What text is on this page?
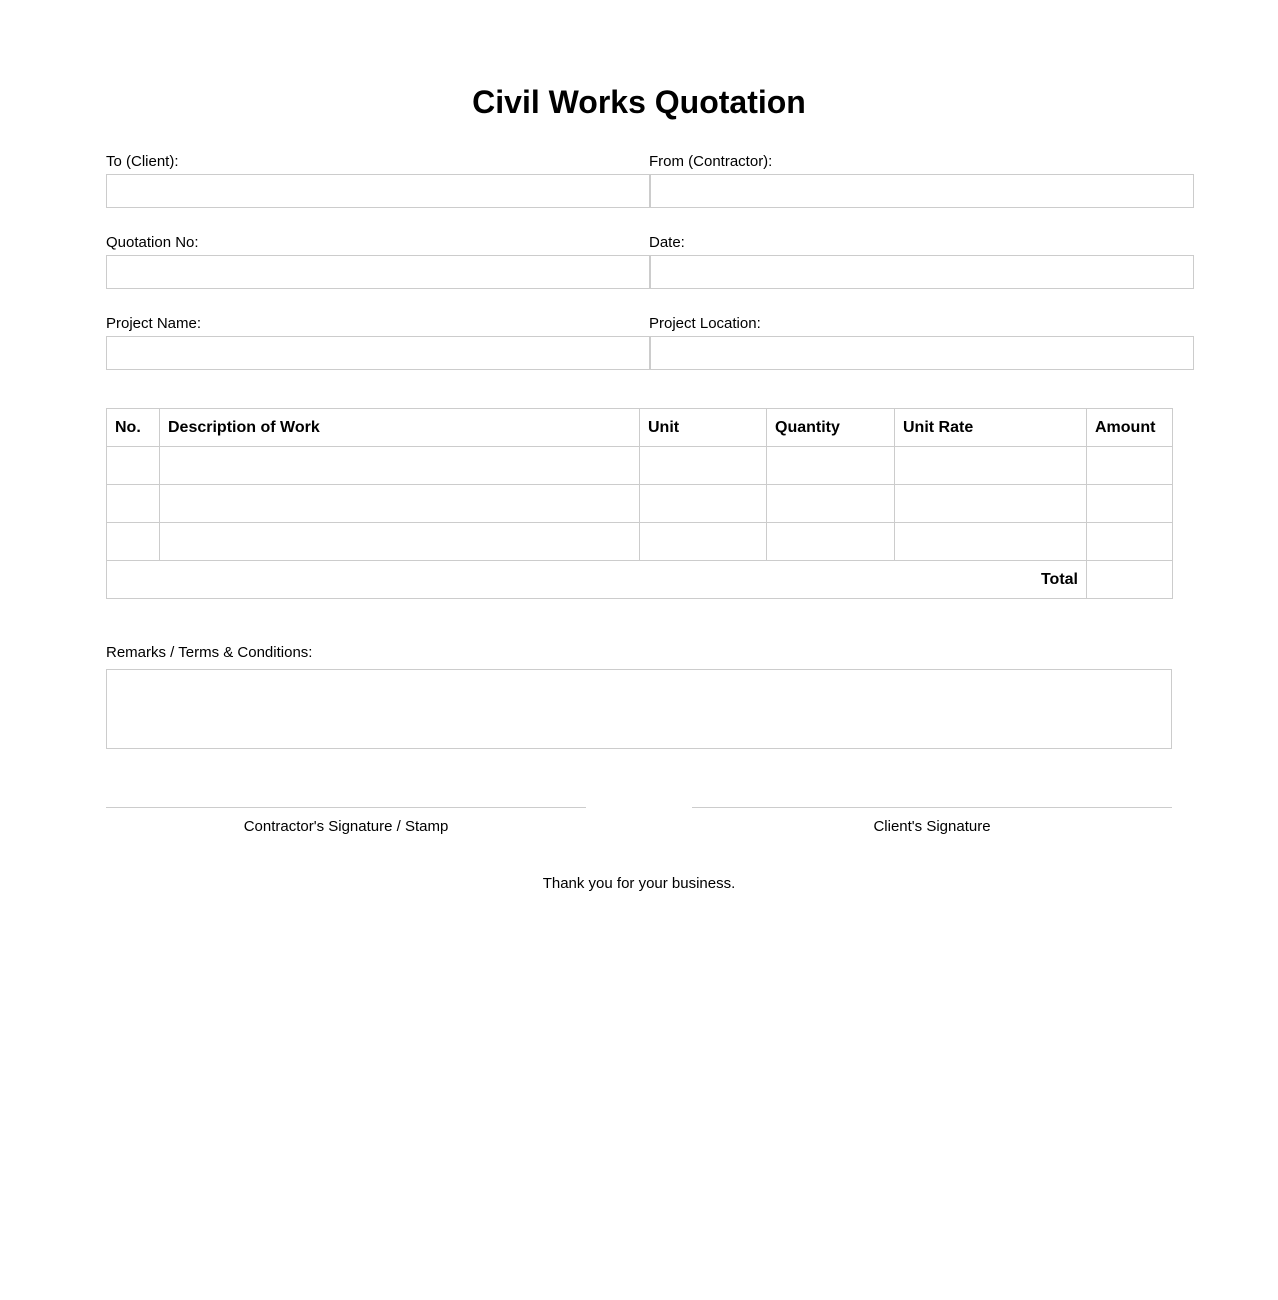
Civil Works Quotation
To (Client):	From (Contractor):
Quotation No:	Date:
Project Name:	Project Location:
No.	Description of Work	Unit	Quantity	Unit Rate	Amount

Total					
Remarks / Terms & Conditions:
Contractor's Signature / Stamp	Client's Signature
Thank you for your business.
